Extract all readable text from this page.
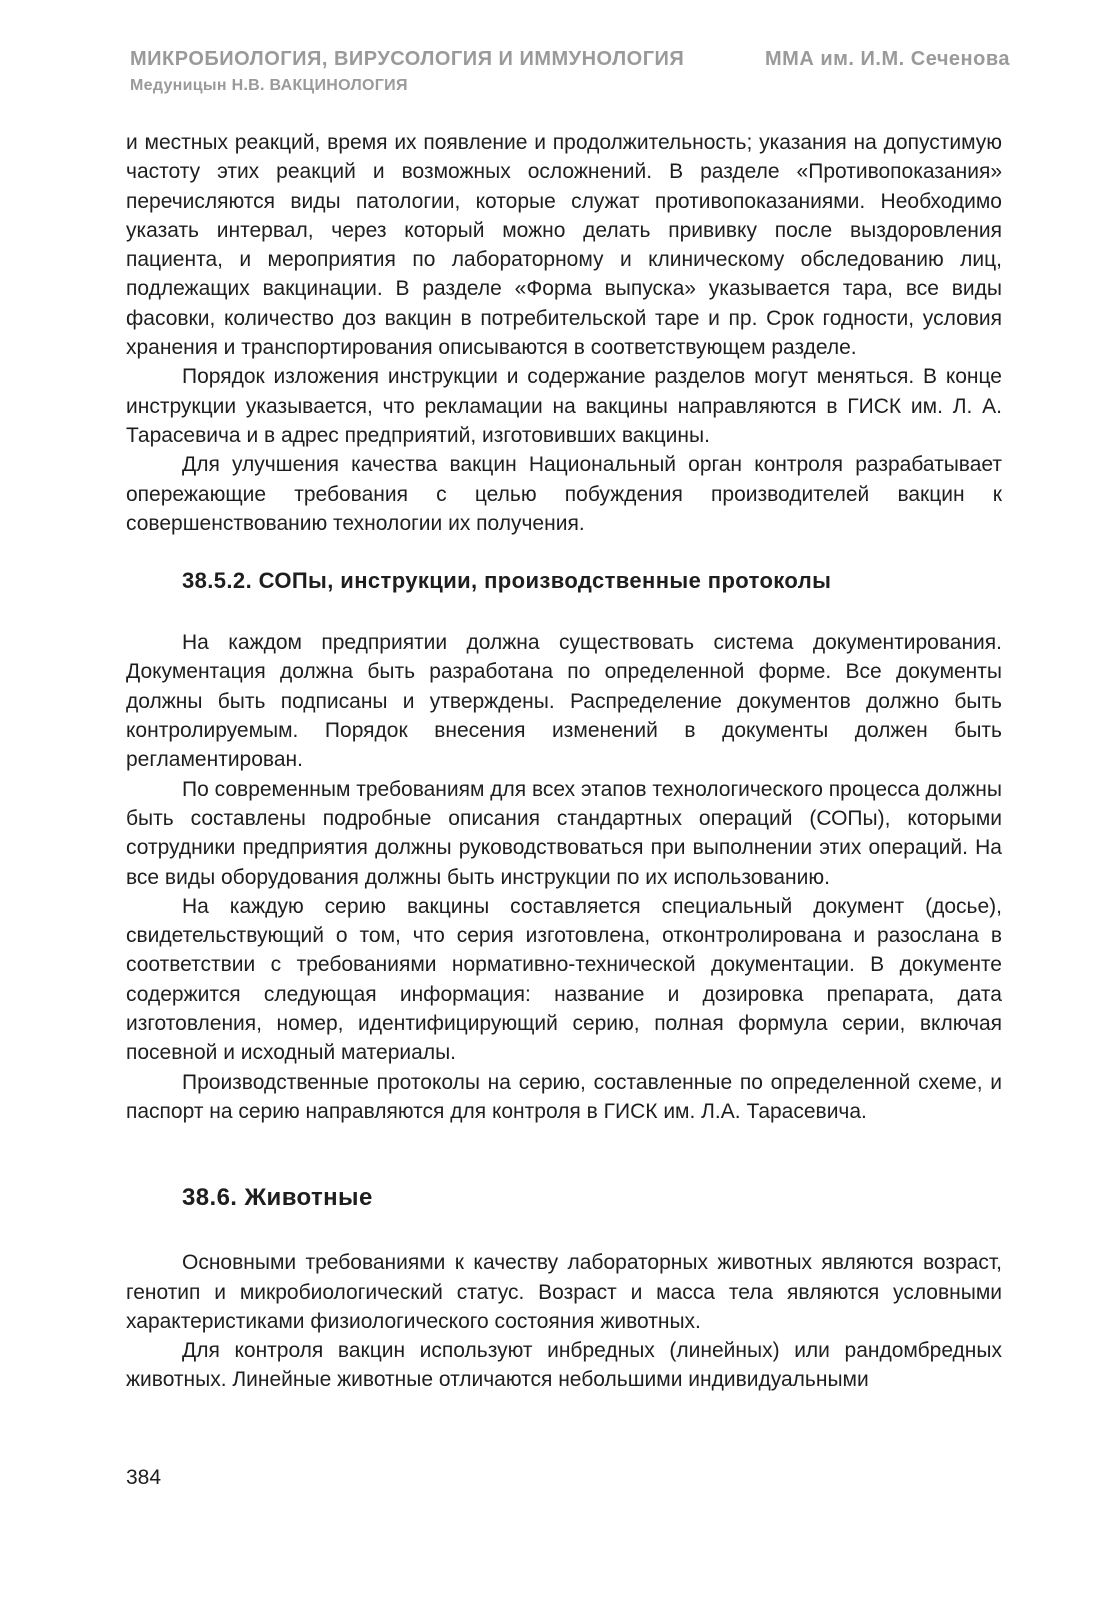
МИКРОБИОЛОГИЯ, ВИРУСОЛОГИЯ И ИММУНОЛОГИЯ	ММА им. И.М. Сеченова
Медуницын Н.В. ВАКЦИНОЛОГИЯ

и местных реакций, время их появление и продолжительность; указания на допустимую частоту этих реакций и возможных осложнений. В разделе «Противопоказания» перечисляются виды патологии, которые служат противопоказаниями. Необходимо указать интервал, через который можно делать прививку после выздоровления пациента, и мероприятия по лабораторному и клиническому обследованию лиц, подлежащих вакцинации. В разделе «Форма выпуска» указывается тара, все виды фасовки, количество доз вакцин в потребительской таре и пр. Срок годности, условия хранения и транспортирования описываются в соответствующем разделе.

Порядок изложения инструкции и содержание разделов могут меняться. В конце инструкции указывается, что рекламации на вакцины направляются в ГИСК им. Л. А. Тарасевича и в адрес предприятий, изготовивших вакцины.

Для улучшения качества вакцин Национальный орган контроля разрабатывает опережающие требования с целью побуждения производителей вакцин к совершенствованию технологии их получения.

38.5.2. СОПы, инструкции, производственные протоколы

На каждом предприятии должна существовать система документирования. Документация должна быть разработана по определенной форме. Все документы должны быть подписаны и утверждены. Распределение документов должно быть контролируемым. Порядок внесения изменений в документы должен быть регламентирован.

По современным требованиям для всех этапов технологического процесса должны быть составлены подробные описания стандартных операций (СОПы), которыми сотрудники предприятия должны руководствоваться при выполнении этих операций. На все виды оборудования должны быть инструкции по их использованию.

На каждую серию вакцины составляется специальный документ (досье), свидетельствующий о том, что серия изготовлена, отконтролирована и разослана в соответствии с требованиями нормативно-технической документации. В документе содержится следующая информация: название и дозировка препарата, дата изготовления, номер, идентифицирующий серию, полная формула серии, включая посевной и исходный материалы.

Производственные протоколы на серию, составленные по определенной схеме, и паспорт на серию направляются для контроля в ГИСК им. Л.А. Тарасевича.

38.6. Животные

Основными требованиями к качеству лабораторных животных являются возраст, генотип и микробиологический статус. Возраст и масса тела являются условными характеристиками физиологического состояния животных.

Для контроля вакцин используют инбредных (линейных) или рандомбредных животных. Линейные животные отличаются небольшими индивидуальными

384
